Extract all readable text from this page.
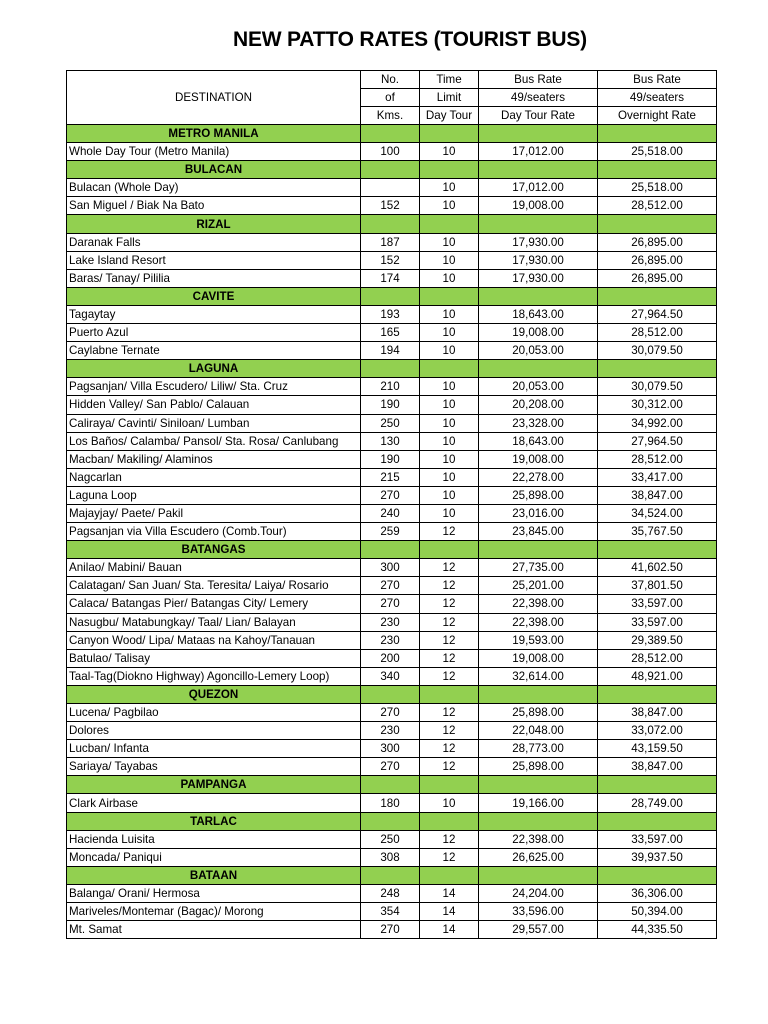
NEW PATTO RATES (TOURIST BUS)
DESTINATION	No.	Time	Bus Rate	Bus Rate
	of	Limit	49/seaters	49/seaters
	Kms.	Day Tour	Day Tour Rate	Overnight Rate
METRO MANILA				
Whole Day Tour (Metro Manila)	100	10	17,012.00	25,518.00
BULACAN				
Bulacan (Whole Day)		10	17,012.00	25,518.00
San Miguel / Biak Na Bato	152	10	19,008.00	28,512.00
RIZAL				
Daranak Falls	187	10	17,930.00	26,895.00
Lake Island Resort	152	10	17,930.00	26,895.00
Baras/ Tanay/ Pililia	174	10	17,930.00	26,895.00
CAVITE				
Tagaytay	193	10	18,643.00	27,964.50
Puerto Azul	165	10	19,008.00	28,512.00
Caylabne Ternate	194	10	20,053.00	30,079.50
LAGUNA				
Pagsanjan/ Villa Escudero/ Liliw/ Sta. Cruz	210	10	20,053.00	30,079.50
Hidden Valley/ San Pablo/ Calauan	190	10	20,208.00	30,312.00
Caliraya/ Cavinti/ Siniloan/ Lumban	250	10	23,328.00	34,992.00
Los Baños/ Calamba/ Pansol/ Sta. Rosa/ Canlubang	130	10	18,643.00	27,964.50
Macban/ Makiling/ Alaminos	190	10	19,008.00	28,512.00
Nagcarlan	215	10	22,278.00	33,417.00
Laguna Loop	270	10	25,898.00	38,847.00
Majayjay/ Paete/ Pakil	240	10	23,016.00	34,524.00
Pagsanjan via Villa Escudero (Comb.Tour)	259	12	23,845.00	35,767.50
BATANGAS				
Anilao/ Mabini/ Bauan	300	12	27,735.00	41,602.50
Calatagan/ San Juan/ Sta. Teresita/ Laiya/ Rosario	270	12	25,201.00	37,801.50
Calaca/ Batangas Pier/ Batangas City/ Lemery	270	12	22,398.00	33,597.00
Nasugbu/ Matabungkay/ Taal/ Lian/ Balayan	230	12	22,398.00	33,597.00
Canyon Wood/ Lipa/ Mataas na Kahoy/Tanauan	230	12	19,593.00	29,389.50
Batulao/ Talisay	200	12	19,008.00	28,512.00
Taal-Tag(Diokno Highway) Agoncillo-Lemery Loop)	340	12	32,614.00	48,921.00
QUEZON				
Lucena/ Pagbilao	270	12	25,898.00	38,847.00
Dolores	230	12	22,048.00	33,072.00
Lucban/ Infanta	300	12	28,773.00	43,159.50
Sariaya/ Tayabas	270	12	25,898.00	38,847.00
PAMPANGA				
Clark Airbase	180	10	19,166.00	28,749.00
TARLAC				
Hacienda Luisita	250	12	22,398.00	33,597.00
Moncada/ Paniqui	308	12	26,625.00	39,937.50
BATAAN				
Balanga/ Orani/ Hermosa	248	14	24,204.00	36,306.00
Mariveles/Montemar (Bagac)/ Morong	354	14	33,596.00	50,394.00
Mt. Samat	270	14	29,557.00	44,335.50
